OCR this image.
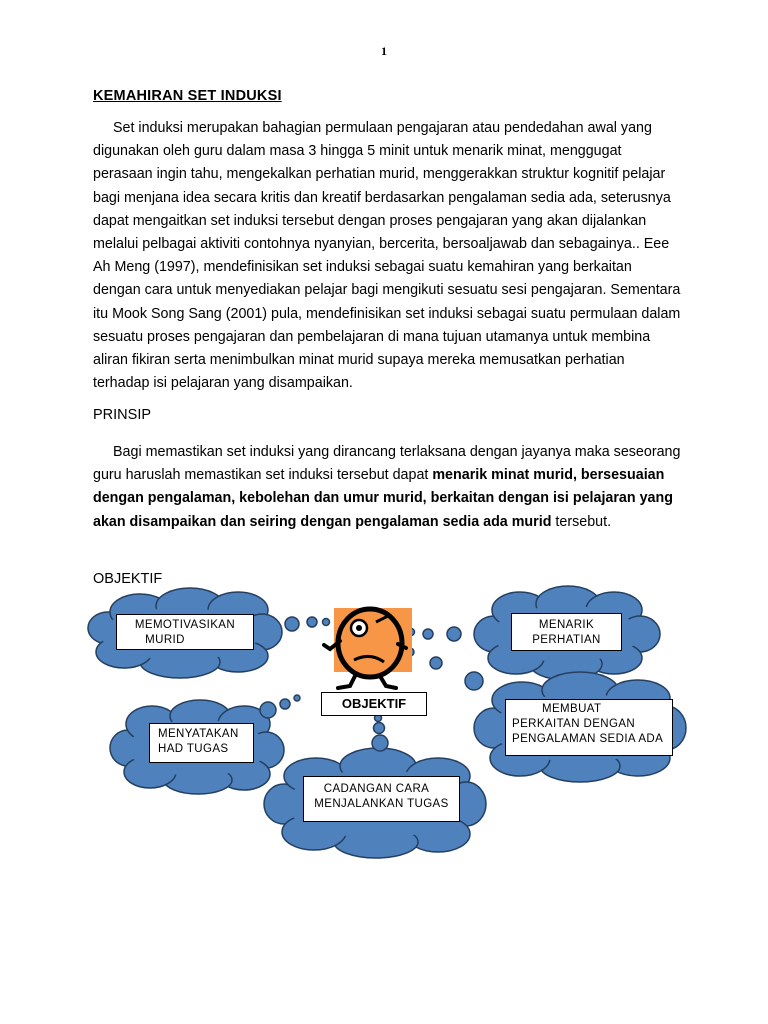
1
KEMAHIRAN SET INDUKSI

Set induksi merupakan bahagian permulaan pengajaran atau pendedahan awal yang digunakan oleh guru dalam masa 3 hingga 5 minit untuk menarik minat, menggugat perasaan ingin tahu, mengekalkan perhatian murid, menggerakkan struktur kognitif pelajar bagi menjana idea secara kritis dan kreatif berdasarkan pengalaman sedia ada, seterusnya dapat mengaitkan set induksi tersebut dengan proses pengajaran yang akan dijalankan melalui pelbagai aktiviti contohnya nyanyian, bercerita, bersoaljawab dan sebagainya.. Eee Ah Meng (1997), mendefinisikan set induksi sebagai suatu kemahiran yang berkaitan dengan cara untuk menyediakan pelajar bagi mengikuti sesuatu sesi pengajaran. Sementara itu Mook Song Sang (2001) pula, mendefinisikan set induksi sebagai suatu permulaan dalam sesuatu proses pengajaran dan pembelajaran di mana tujuan utamanya untuk membina aliran fikiran serta menimbulkan minat murid supaya mereka memusatkan perhatian terhadap isi pelajaran yang disampaikan.

PRINSIP

Bagi memastikan set induksi yang dirancang terlaksana dengan jayanya maka seseorang guru haruslah memastikan set induksi tersebut dapat menarik minat murid, bersesuaian dengan pengalaman, kebolehan dan umur murid, berkaitan dengan isi pelajaran yang akan disampaikan dan seiring dengan pengalaman sedia ada murid tersebut.

OBJEKTIF
MEMOTIVASIKAN
MURID
MENARIK
PERHATIAN
MENYATAKAN
HAD TUGAS
MEMBUAT
PERKAITAN DENGAN
PENGALAMAN SEDIA ADA
CADANGAN CARA
MENJALANKAN TUGAS
OBJEKTIF
